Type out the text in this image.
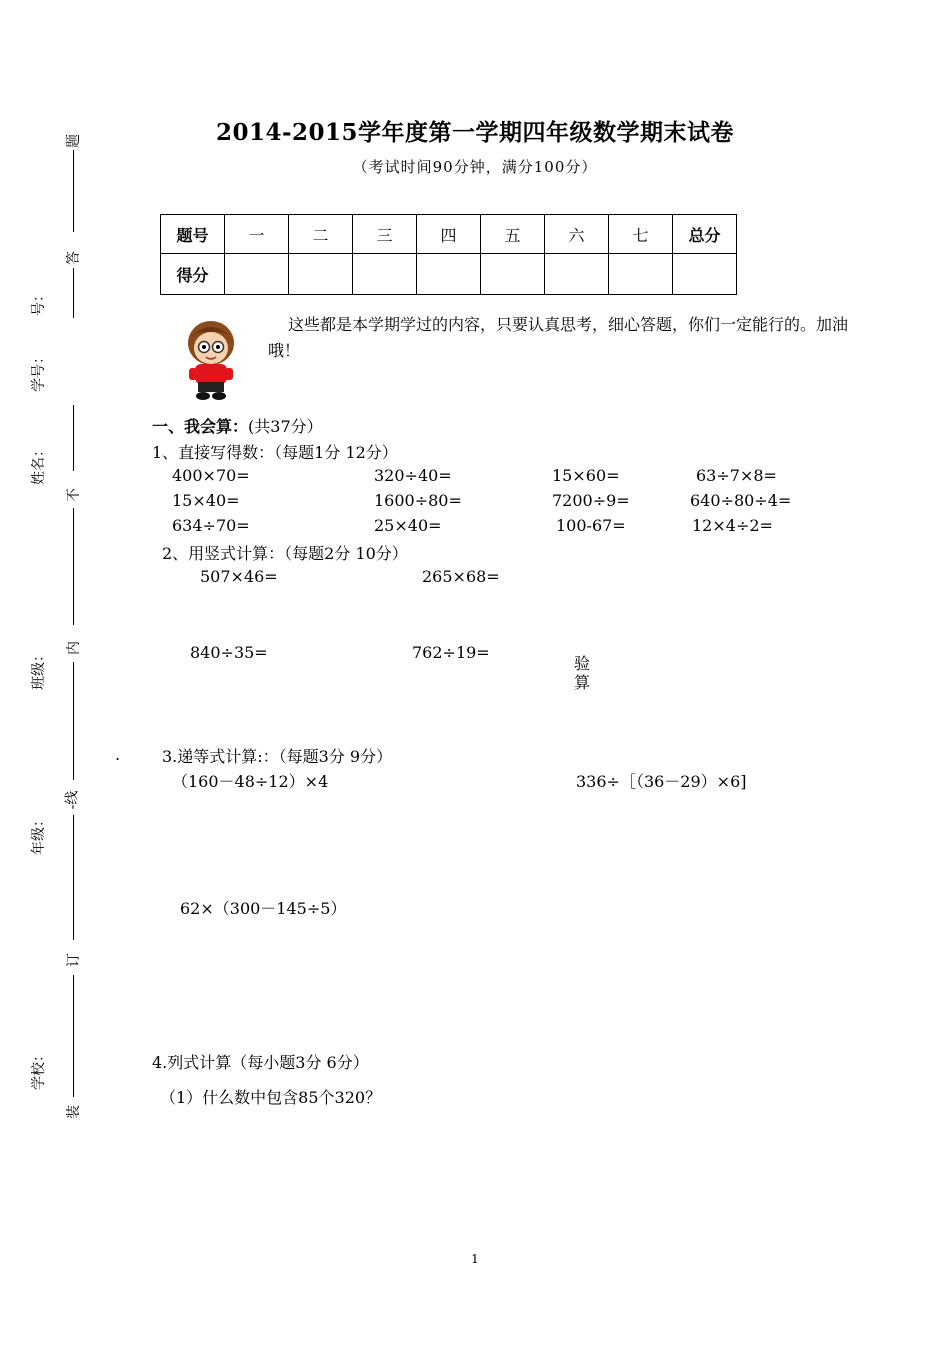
题
答
不
内
-线
订
装
号：
学号：
姓名：
班级：
年级：
学校：
2014-2015学年度第一学期四年级数学期末试卷
（考试时间90分钟，满分100分）
题号	一	二	三	四	五	六	七	总分
得分								
这些都是本学期学过的内容，只要认真思考，细心答题，你们一定能行的。加油哦！
一、我会算：(共37分）
1、直接写得数：（每题1分 12分）
400×70=	320÷40=	15×60=	63÷7×8=
15×40=	1600÷80=	7200÷9=	640÷80÷4=
634÷70=	25×40=	100-67=	12×4÷2=
2、用竖式计算：（每题2分 10分）
507×46=	265×68=
840÷35=	762÷19=
验
算
.	3.递等式计算:：（每题3分 9分）
（160－48÷12）×4	336÷［（36－29）×6]
62×（300－145÷5）
4.列式计算（每小题3分 6分）
（1）什么数中包含85个320？
1
